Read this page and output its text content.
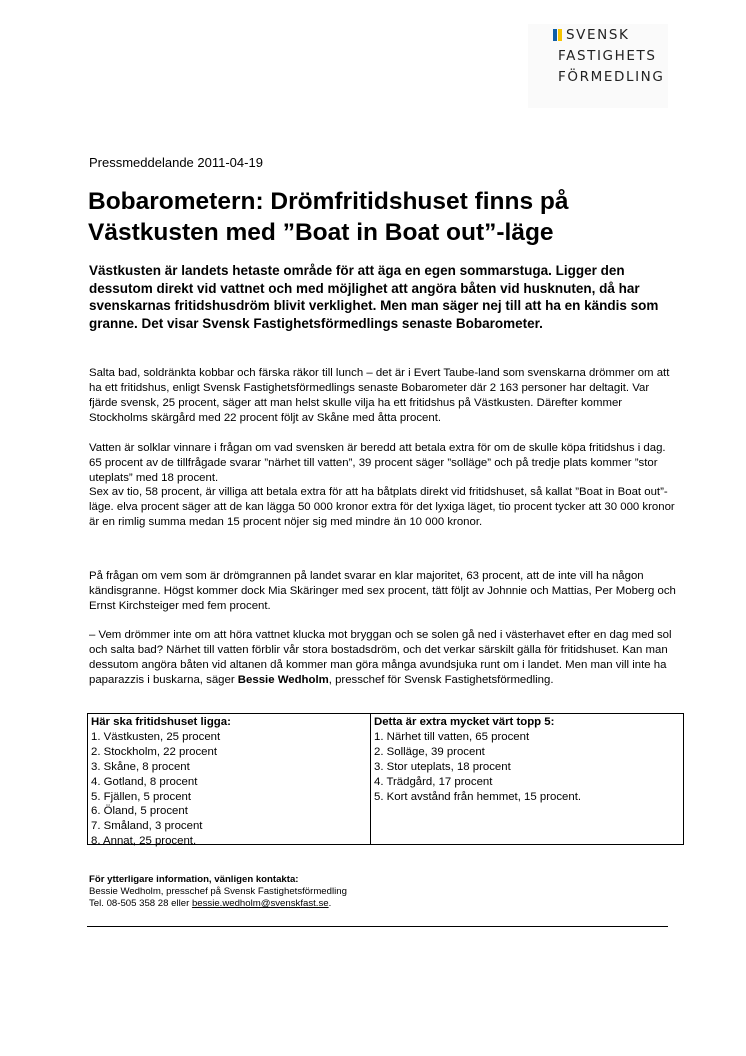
SVENSK
FASTIGHETS
FÖRMEDLING
Pressmeddelande 2011-04-19
Bobarometern: Drömfritidshuset finns på Västkusten med ”Boat in Boat out”-läge

Västkusten är landets hetaste område för att äga en egen sommarstuga. Ligger den dessutom direkt vid vattnet och med möjlighet att angöra båten vid husknuten, då har svenskarnas fritidshusdröm blivit verklighet. Men man säger nej till att ha en kändis som granne. Det visar Svensk Fastighetsförmedlings senaste Bobarometer.

Salta bad, soldränkta kobbar och färska räkor till lunch – det är i Evert Taube-land som svenskarna drömmer om att ha ett fritidshus, enligt Svensk Fastighetsförmedlings senaste Bobarometer där 2 163 personer har deltagit. Var fjärde svensk, 25 procent, säger att man helst skulle vilja ha ett fritidshus på Västkusten. Därefter kommer Stockholms skärgård med 22 procent följt av Skåne med åtta procent.

Vatten är solklar vinnare i frågan om vad svensken är beredd att betala extra för om de skulle köpa fritidshus i dag. 65 procent av de tillfrågade svarar ”närhet till vatten”, 39 procent säger ”solläge” och på tredje plats kommer ”stor uteplats” med 18 procent.

Sex av tio, 58 procent, är villiga att betala extra för att ha båtplats direkt vid fritidshuset, så kallat ”Boat in Boat out”-läge. elva procent säger att de kan lägga 50 000 kronor extra för det lyxiga läget, tio procent tycker att 30 000 kronor är en rimlig summa medan 15 procent nöjer sig med mindre än 10 000 kronor.

På frågan om vem som är drömgrannen på landet svarar en klar majoritet, 63 procent, att de inte vill ha någon kändisgranne. Högst kommer dock Mia Skäringer med sex procent, tätt följt av Johnnie och Mattias, Per Moberg och Ernst Kirchsteiger med fem procent.

– Vem drömmer inte om att höra vattnet klucka mot bryggan och se solen gå ned i västerhavet efter en dag med sol och salta bad? Närhet till vatten förblir vår stora bostadsdröm, och det verkar särskilt gälla för fritidshuset. Kan man dessutom angöra båten vid altanen då kommer man göra många avundsjuka runt om i landet. Men man vill inte ha paparazzis i buskarna, säger Bessie Wedholm, presschef för Svensk Fastighetsförmedling.

Här ska fritidshuset ligga:
1. Västkusten, 25 procent
2. Stockholm, 22 procent
3. Skåne, 8 procent
4. Gotland, 8 procent
5. Fjällen, 5 procent
6. Öland, 5 procent
7. Småland, 3 procent
8. Annat, 25 procent.
Detta är extra mycket värt topp 5:
1. Närhet till vatten, 65 procent
2. Solläge, 39 procent
3. Stor uteplats, 18 procent
4. Trädgård, 17 procent
5. Kort avstånd från hemmet, 15 procent.
För ytterligare information, vänligen kontakta:
Bessie Wedholm, presschef på Svensk Fastighetsförmedling
Tel. 08-505 358 28 eller bessie.wedholm@svenskfast.se.
